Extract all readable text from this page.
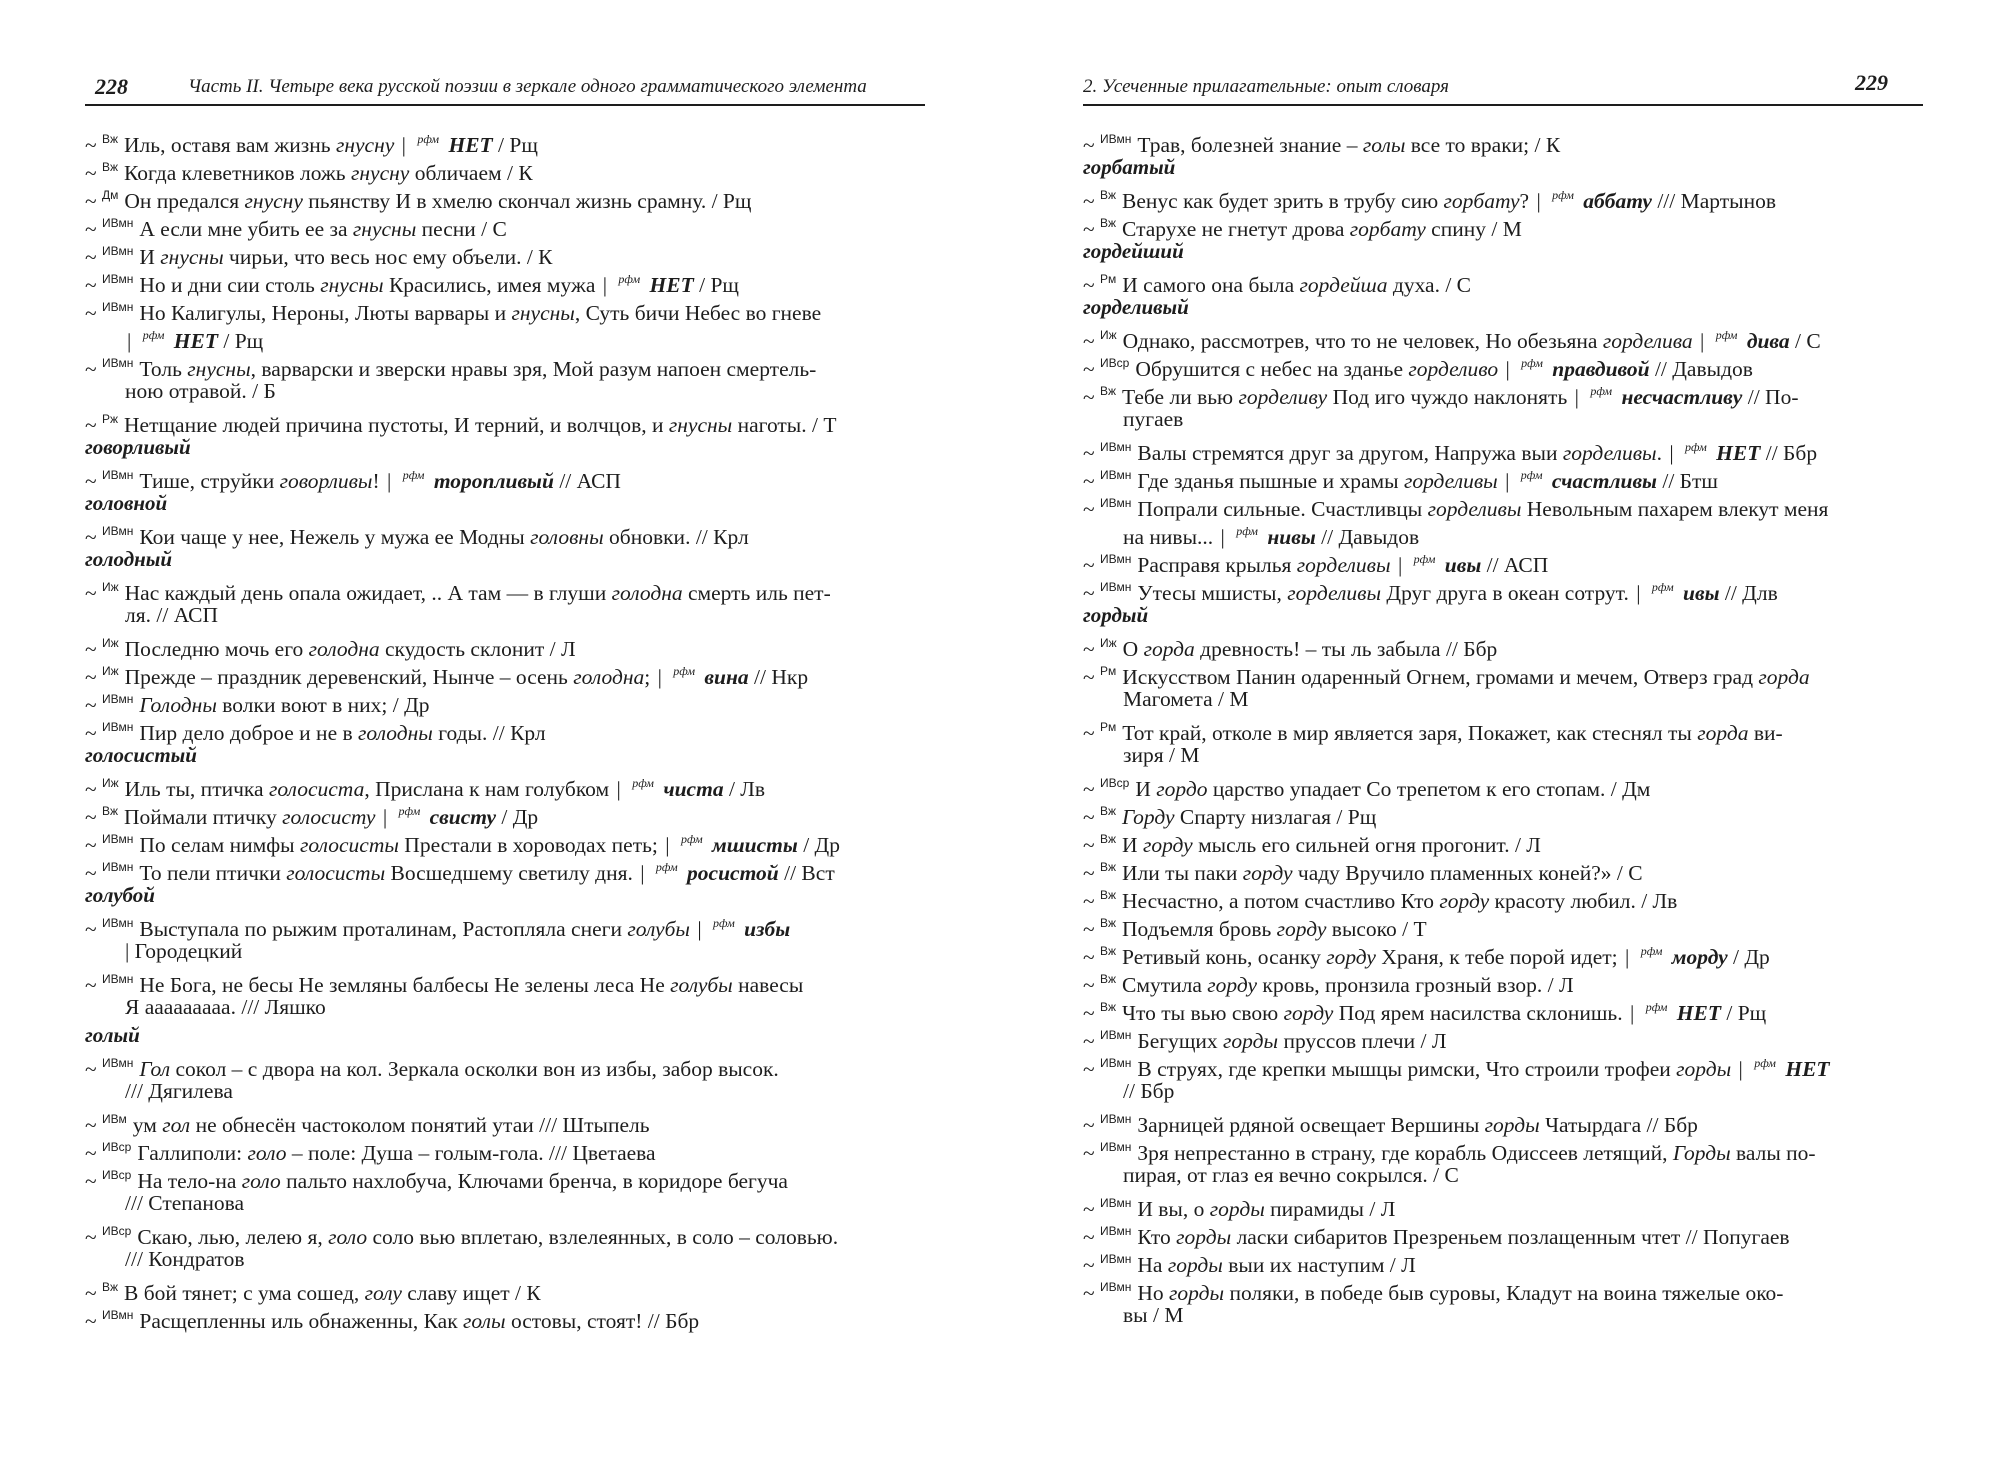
228	Часть II. Четыре века русской поэзии в зеркале одного грамматического элемента
~ $^{Вж}$ Иль, оставя вам жизнь гнусну | $^{рфм}$ НЕТ / Рщ
~ $^{Вж}$ Когда клеветников ложь гнусну обличаем / К
~ $^{Дм}$ Он предался гнусну пьянству И в хмелю скончал жизнь срамну. / Рщ
~ $^{ИВмн}$ А если мне убить ее за гнусны песни / С
~ $^{ИВмн}$ И гнусны чирьи, что весь нос ему объели. / К
~ $^{ИВмн}$ Но и дни сии столь гнусны Красились, имея мужа | $^{рфм}$ НЕТ / Рщ
~ $^{ИВмн}$ Но Калигулы, Нероны, Люты варвары и гнусны, Суть бичи Небес во гневе
| $^{рфм}$ НЕТ / Рщ
~ $^{ИВмн}$ Толь гнусны, варварски и зверски нравы зря, Мой разум напоен смертель-
ною отравой. / Б
~ $^{Рж}$ Нетщание людей причина пустоты, И терний, и волчцов, и гнусны наготы. / Т
говорливый
~ $^{ИВмн}$ Тише, струйки говорливы! | $^{рфм}$ торопливый // АСП
головной
~ $^{ИВмн}$ Кои чаще у нее, Нежель у мужа ее Модны головны обновки. // Крл
голодный
~ $^{Иж}$ Нас каждый день опала ожидает, .. А там — в глуши голодна смерть иль пет-
ля. // АСП
~ $^{Иж}$ Последню мочь его голодна скудость склонит / Л
~ $^{Иж}$ Прежде – праздник деревенский, Нынче – осень голодна; | $^{рфм}$ вина // Нкр
~ $^{ИВмн}$ Голодны волки воют в них; / Др
~ $^{ИВмн}$ Пир дело доброе и не в голодны годы. // Крл
голосистый
~ $^{Иж}$ Иль ты, птичка голосиста, Прислана к нам голубком | $^{рфм}$ чиста / Лв
~ $^{Вж}$ Поймали птичку голосисту | $^{рфм}$ свисту / Др
~ $^{ИВмн}$ По селам нимфы голосисты Престали в хороводах петь; | $^{рфм}$ мшисты / Др
~ $^{ИВмн}$ То пели птички голосисты Восшедшему светилу дня. | $^{рфм}$ росистой // Вст
голубой
~ $^{ИВмн}$ Выступала по рыжим проталинам, Растопляла снеги голубы | $^{рфм}$ избы
| Городецкий
~ $^{ИВмн}$ Не Бога, не бесы Не земляны балбесы Не зелены леса Не голубы навесы
Я ааааааааа. /// Ляшко
голый
~ $^{ИВмн}$ Гол сокол – с двора на кол. Зеркала осколки вон из избы, забор высок.
/// Дягилева
~ $^{ИВм}$ ум гол не обнесён частоколом понятий утаи /// Штыпель
~ $^{ИВср}$ Галлиполи: голо – поле: Душа – голым-гола. /// Цветаева
~ $^{ИВср}$ На тело-на голо пальто нахлобуча, Ключами бренча, в коридоре бегуча
/// Степанова
~ $^{ИВср}$ Скаю, лью, лелею я, голо соло вью вплетаю, взлелеянных, в соло – соловью.
/// Кондратов
~ $^{Вж}$ В бой тянет; с ума сошед, голу славу ищет / К
~ $^{ИВмн}$ Расщепленны иль обнаженны, Как голы остовы, стоят! // Ббр
2. Усеченные прилагательные: опыт словаря	229
~ $^{ИВмн}$ Трав, болезней знание – голы все то враки; / К
горбатый
~ $^{Вж}$ Венус как будет зрить в трубу сию горбату? | $^{рфм}$ аббату /// Мартынов
~ $^{Вж}$ Старухе не гнетут дрова горбату спину / М
гордейший
~ $^{Рм}$ И самого она была гордейша духа. / С
горделивый
~ $^{Иж}$ Однако, рассмотрев, что то не человек, Но обезьяна горделива | $^{рфм}$ дива / С
~ $^{ИВср}$ Обрушится с небес на зданье горделиво | $^{рфм}$ правдивой // Давыдов
~ $^{Вж}$ Тебе ли вью горделиву Под иго чуждо наклонять | $^{рфм}$ несчастливу // По-
пугаев
~ $^{ИВмн}$ Валы стремятся друг за другом, Напружа выи горделивы. | $^{рфм}$ НЕТ // Ббр
~ $^{ИВмн}$ Где зданья пышные и храмы горделивы | $^{рфм}$ счастливы // Бтш
~ $^{ИВмн}$ Попрали сильные. Счастливцы горделивы Невольным пахарем влекут меня
на нивы... | $^{рфм}$ нивы // Давыдов
~ $^{ИВмн}$ Расправя крылья горделивы | $^{рфм}$ ивы // АСП
~ $^{ИВмн}$ Утесы мшисты, горделивы Друг друга в океан сотрут. | $^{рфм}$ ивы // Длв
гордый
~ $^{Иж}$ О горда древность! – ты ль забыла // Ббр
~ $^{Рм}$ Искусством Панин одаренный Огнем, громами и мечем, Отверз град горда
Магомета / М
~ $^{Рм}$ Тот край, отколе в мир является заря, Покажет, как стеснял ты горда ви-
зиря / М
~ $^{ИВср}$ И гордо царство упадает Со трепетом к его стопам. / Дм
~ $^{Вж}$ Горду Спарту низлагая / Рщ
~ $^{Вж}$ И горду мысль его сильней огня прогонит. / Л
~ $^{Вж}$ Или ты паки горду чаду Вручило пламенных коней?» / С
~ $^{Вж}$ Несчастно, а потом счастливо Кто горду красоту любил. / Лв
~ $^{Вж}$ Подъемля бровь горду высоко / Т
~ $^{Вж}$ Ретивый конь, осанку горду Храня, к тебе порой идет; | $^{рфм}$ морду / Др
~ $^{Вж}$ Смутила горду кровь, пронзила грозный взор. / Л
~ $^{Вж}$ Что ты вью свою горду Под ярем насилства склонишь. | $^{рфм}$ НЕТ / Рщ
~ $^{ИВмн}$ Бегущих горды пруссов плечи / Л
~ $^{ИВмн}$ В струях, где крепки мышцы римски, Что строили трофеи горды | $^{рфм}$ НЕТ
// Ббр
~ $^{ИВмн}$ Зарницей рдяной освещает Вершины горды Чатырдага // Ббр
~ $^{ИВмн}$ Зря непрестанно в страну, где корабль Одиссеев летящий, Горды валы по-
пирая, от глаз ея вечно сокрылся. / С
~ $^{ИВмн}$ И вы, о горды пирамиды / Л
~ $^{ИВмн}$ Кто горды ласки сибаритов Презреньем позлащенным чтет // Попугаев
~ $^{ИВмн}$ На горды выи их наступим / Л
~ $^{ИВмн}$ Но горды поляки, в победе быв суровы, Кладут на воина тяжелые око-
вы / М
